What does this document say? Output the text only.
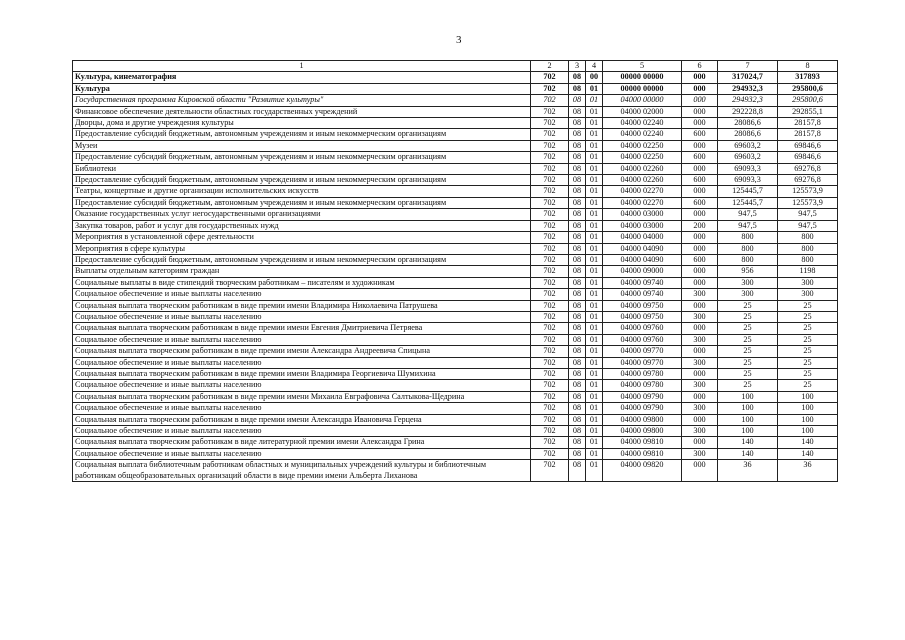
3
1	2	3	4	5	6	7	8
Культура, кинематография	702	08	00	00000 00000	000	317024,7	317893
Культура	702	08	01	00000 00000	000	294932,3	295800,6
Государственная программа Кировской области "Развитие культуры"	702	08	01	04000 00000	000	294932,3	295800,6
Финансовое обеспечение деятельности областных государственных учреждений	702	08	01	04000 02000	000	292228,8	292855,1
Дворцы, дома и другие учреждения культуры	702	08	01	04000 02240	000	28086,6	28157,8
Предоставление субсидий бюджетным, автономным учреждениям и иным некоммерческим организациям	702	08	01	04000 02240	600	28086,6	28157,8
Музеи	702	08	01	04000 02250	000	69603,2	69846,6
Предоставление субсидий бюджетным, автономным учреждениям и иным некоммерческим организациям	702	08	01	04000 02250	600	69603,2	69846,6
Библиотеки	702	08	01	04000 02260	000	69093,3	69276,8
Предоставление субсидий бюджетным, автономным учреждениям и иным некоммерческим организациям	702	08	01	04000 02260	600	69093,3	69276,8
Театры, концертные и другие организации исполнительских искусств	702	08	01	04000 02270	000	125445,7	125573,9
Предоставление субсидий бюджетным, автономным учреждениям и иным некоммерческим организациям	702	08	01	04000 02270	600	125445,7	125573,9
Оказание государственных услуг негосударственными организациями	702	08	01	04000 03000	000	947,5	947,5
Закупка товаров, работ и услуг для государственных нужд	702	08	01	04000 03000	200	947,5	947,5
Мероприятия в установленной сфере деятельности	702	08	01	04000 04000	000	800	800
Мероприятия в сфере культуры	702	08	01	04000 04090	000	800	800
Предоставление субсидий бюджетным, автономным учреждениям и иным некоммерческим организациям	702	08	01	04000 04090	600	800	800
Выплаты отдельным категориям граждан	702	08	01	04000 09000	000	956	1198
Социальные выплаты в виде стипендий творческим работникам – писателям и художникам	702	08	01	04000 09740	000	300	300
Социальное обеспечение и иные выплаты населению	702	08	01	04000 09740	300	300	300
Социальная выплата творческим работникам в виде премии имени Владимира Николаевича Патрушева	702	08	01	04000 09750	000	25	25
Социальное обеспечение и иные выплаты населению	702	08	01	04000 09750	300	25	25
Социальная выплата творческим работникам в виде премии имени Евгения Дмитриевича Петряева	702	08	01	04000 09760	000	25	25
Социальное обеспечение и иные выплаты населению	702	08	01	04000 09760	300	25	25
Социальная выплата творческим работникам в виде премии имени Александра Андреевича Спицына	702	08	01	04000 09770	000	25	25
Социальное обеспечение и иные выплаты населению	702	08	01	04000 09770	300	25	25
Социальная выплата творческим работникам в виде премии имени Владимира Георгиевича Шумихина	702	08	01	04000 09780	000	25	25
Социальное обеспечение и иные выплаты населению	702	08	01	04000 09780	300	25	25
Социальная выплата творческим работникам в виде премии имени Михаила Евграфовича Салтыкова-Щедрина	702	08	01	04000 09790	000	100	100
Социальное обеспечение и иные выплаты населению	702	08	01	04000 09790	300	100	100
Социальная выплата творческим работникам в виде премии имени Александра Ивановича Герцена	702	08	01	04000 09800	000	100	100
Социальное обеспечение и иные выплаты населению	702	08	01	04000 09800	300	100	100
Социальная выплата творческим работникам в виде литературной премии имени Александра Грина	702	08	01	04000 09810	000	140	140
Социальное обеспечение и иные выплаты населению	702	08	01	04000 09810	300	140	140
Социальная выплата библиотечным работникам областных и муниципальных учреждений культуры и библиотечным работникам общеобразовательных организаций области в виде премии имени Альберта Лиханова	702	08	01	04000 09820	000	36	36
